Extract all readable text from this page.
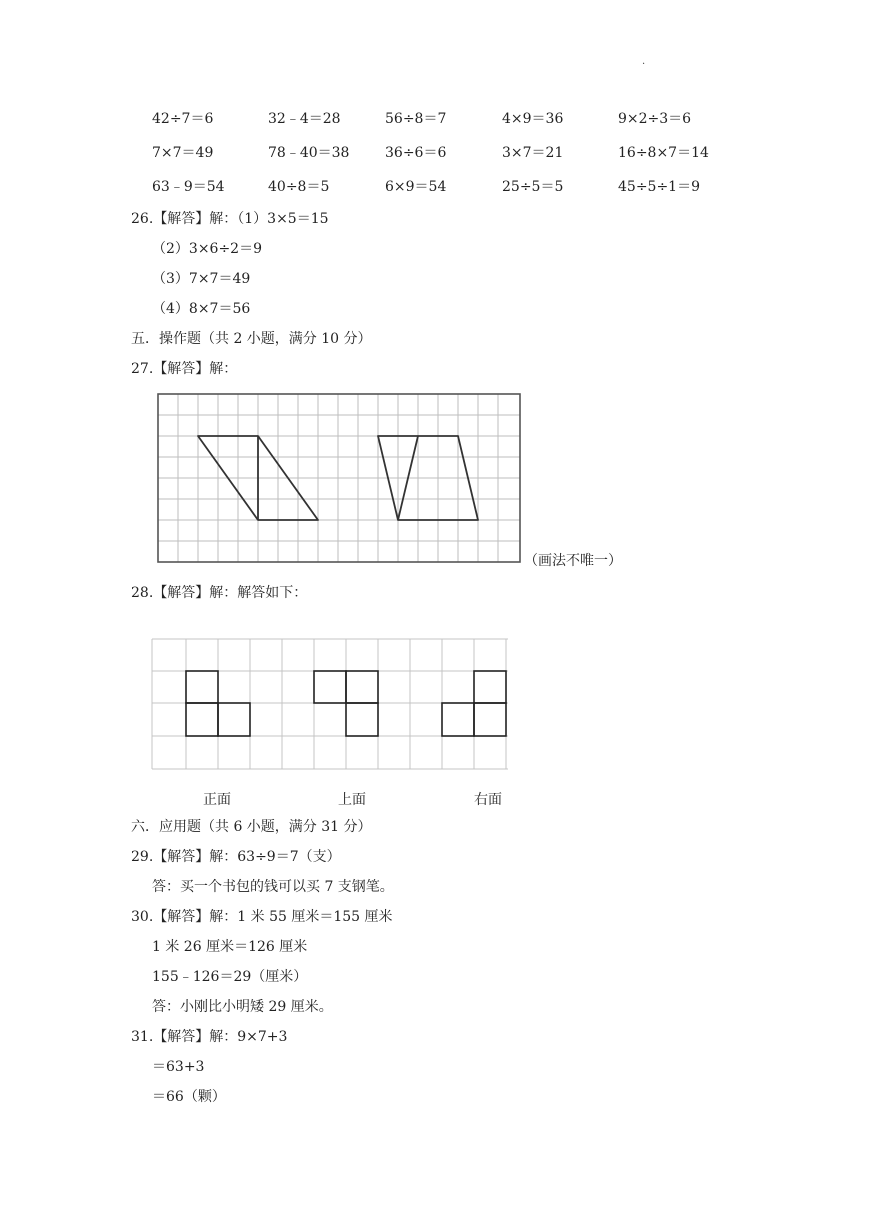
.
42÷7＝6	32﹣4＝28	56÷8＝7	4×9＝36	9×2÷3＝6
7×7＝49	78﹣40＝38	36÷6＝6	3×7＝21	16÷8×7＝14
63﹣9＝54	40÷8＝5	6×9＝54	25÷5＝5	45÷5÷1＝9
26.【解答】解：（1）3×5＝15
（2）3×6÷2＝9
（3）7×7＝49
（4）8×7＝56
五．操作题（共 2 小题，满分 10 分）
27.【解答】解：
（画法不唯一）
28.【解答】解：解答如下：
正面	上面	右面
六．应用题（共 6 小题，满分 31 分）
29.【解答】解：63÷9＝7（支）
答：买一个书包的钱可以买 7 支钢笔。
30.【解答】解：1 米 55 厘米＝155 厘米
1 米 26 厘米＝126 厘米
155﹣126＝29（厘米）
答：小刚比小明矮 29 厘米。
31.【解答】解：9×7+3
＝63+3
＝66（颗）
